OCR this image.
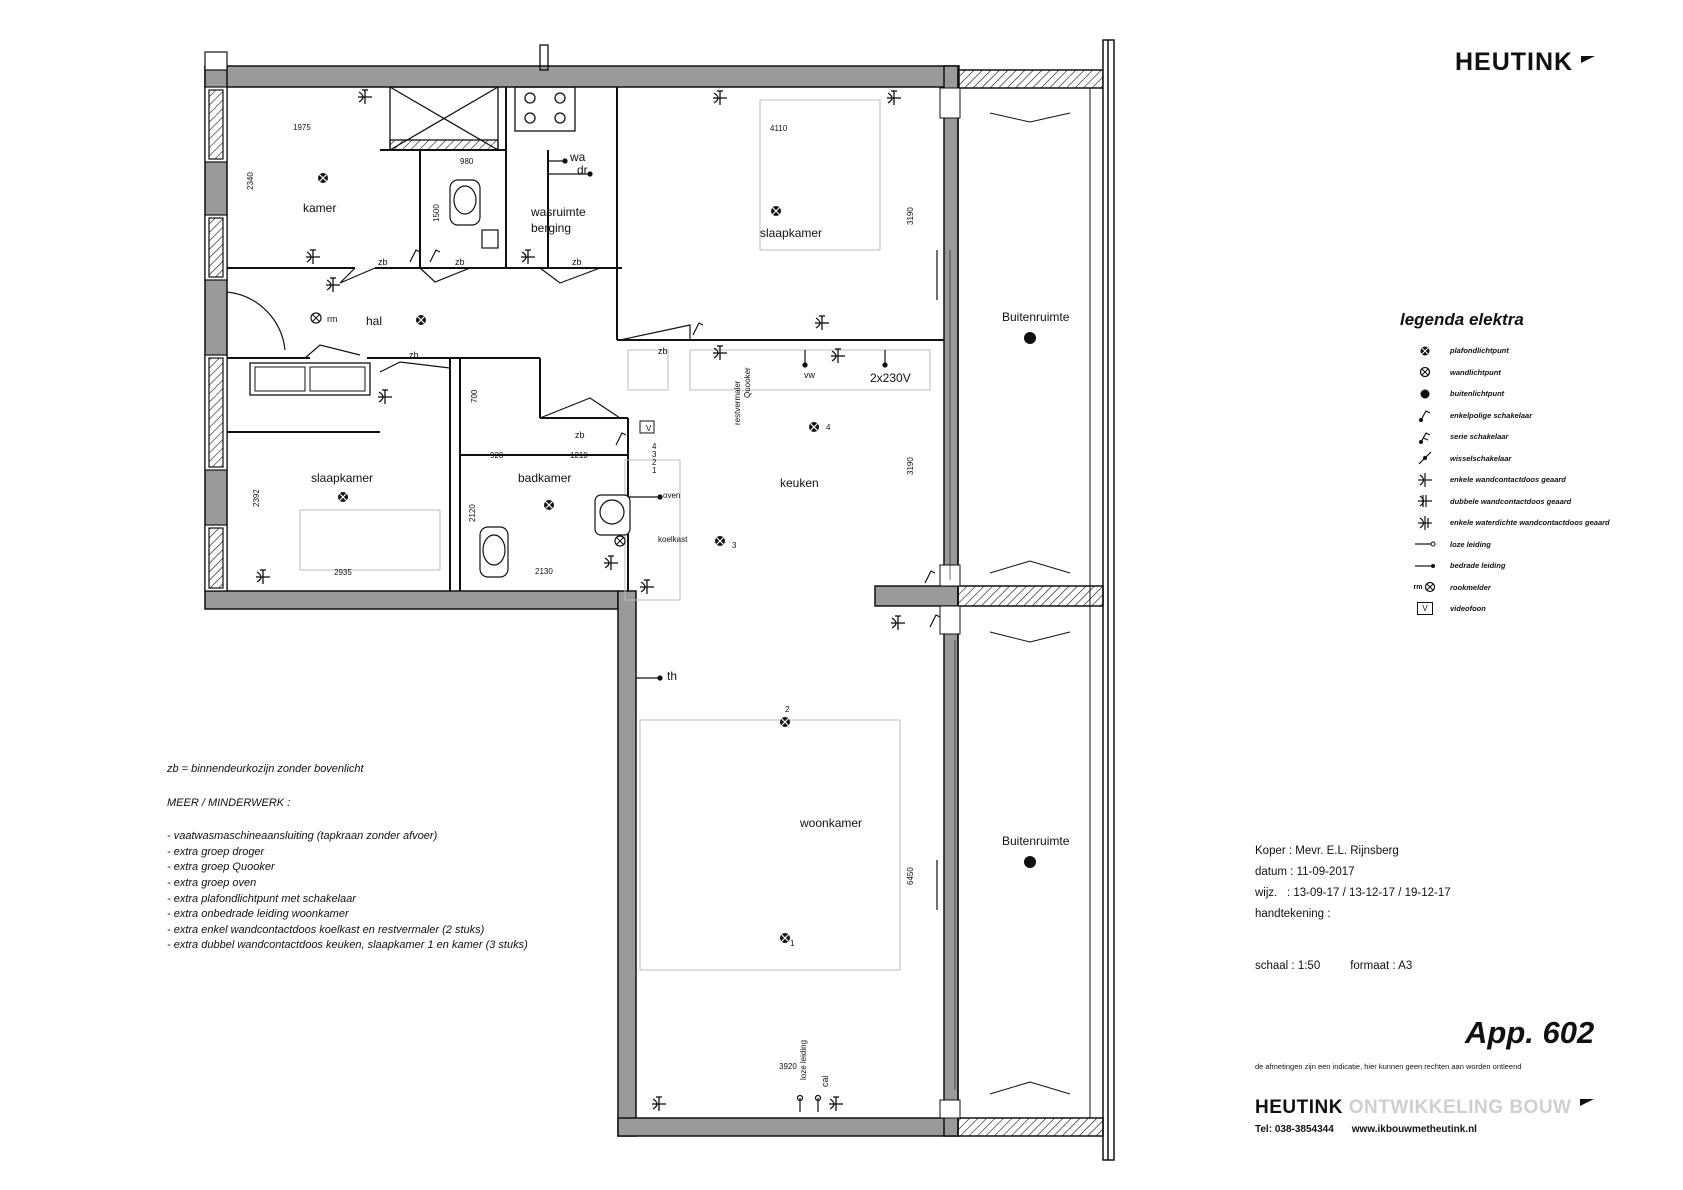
kamer	wasruimte
berging	slaapkamer
hal
slaapkamer	badkamer	keuken
woonkamer
Buitenruimte
Buitenruimte
1975
2340
980
1500
4110
3190
3190
700
920	1210
2392
2120
2130
2935
6450
3920
zb	zb	zb
zb
zb
zb
wa
dr
rm
vw	2x230V
restvermaler Quooker
oven
koelkast
th
loze leiding
cai
V
1
2
3
4
1
2
3
4
HEUTINK
legenda elektra
plafondlichtpunt
wandlichtpunt
buitenlichtpunt
enkelpolige schakelaar
serie schakelaar
wisselschakelaar
enkele wandcontactdoos geaard
dubbele wandcontactdoos geaard
enkele waterdichte wandcontactdoos geaard
loze leiding
bedrade leiding
rm	rookmelder
V	videofoon

zb = binnendeurkozijn zonder bovenlicht

MEER / MINDERWERK :

- vaatwasmaschineaansluiting (tapkraan zonder afvoer)
- extra groep droger
- extra groep Quooker
- extra groep oven
- extra plafondlichtpunt met schakelaar
- extra onbedrade leiding woonkamer
- extra enkel wandcontactdoos koelkast en restvermaler (2 stuks)
- extra dubbel wandcontactdoos keuken, slaapkamer 1 en kamer (3 stuks)
Koper : Mevr. E.L. Rijnsberg
datum : 11-09-2017
wijz. : 13-09-17 / 13-12-17 / 19-12-17
handtekening :
schaal : 1:50	formaat : A3
App. 602
de afmetingen zijn een indicatie, hier kunnen geen rechten aan worden ontleend
HEUTINK ONTWIKKELING BOUW
Tel: 038-3854344 www.ikbouwmetheutink.nl
